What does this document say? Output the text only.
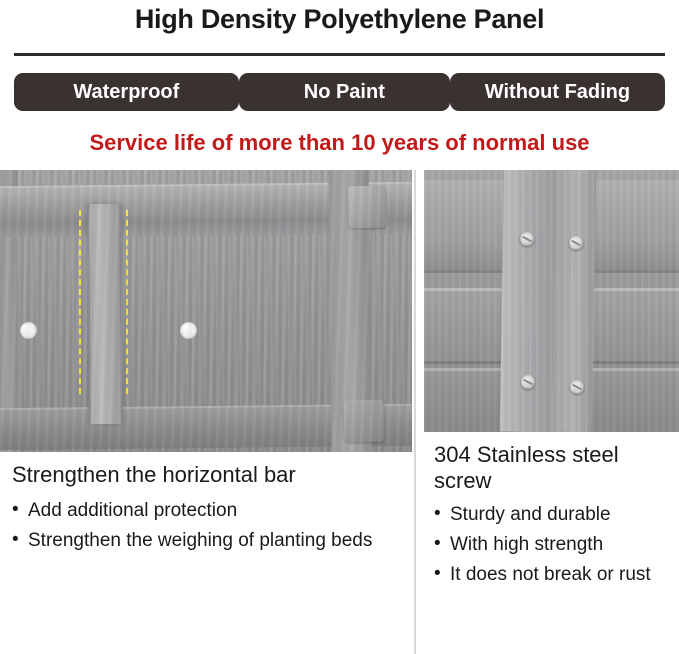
High Density Polyethylene Panel
Waterproof	No Paint	Without Fading
Service life of more than 10 years of normal use
Strengthen the horizontal bar
• Add additional protection
• Strengthen the weighing of planting beds
304 Stainless steel screw
• Sturdy and durable
• With high strength
• It does not break or rust
